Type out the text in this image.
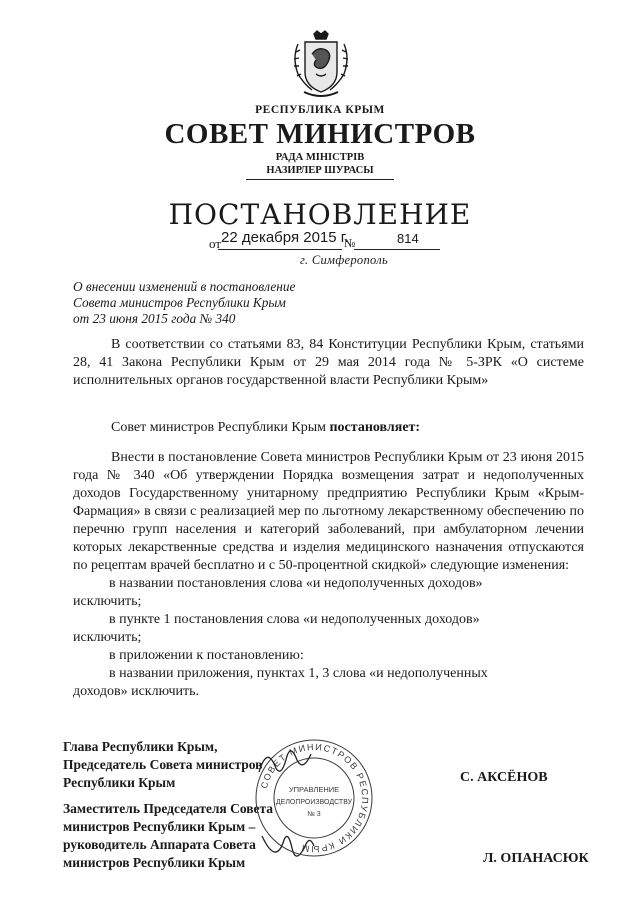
РЕСПУБЛИКА КРЫМ
СОВЕТ МИНИСТРОВ
РАДА МІНІСТРІВ
НАЗИРЛЕР ШУРАСЫ
ПОСТАНОВЛЕНИЕ
от 22 декабря 2015 г.
№	814
г. Симферополь
О внесении изменений в постановление
Совета министров Республики Крым
от 23 июня 2015 года № 340

В соответствии со статьями 83, 84 Конституции Республики Крым, статьями 28, 41 Закона Республики Крым от 29 мая 2014 года № 5-ЗРК «О системе исполнительных органов государственной власти Республики Крым»

Совет министров Республики Крым постановляет:

Внести в постановление Совета министров Республики Крым от 23 июня 2015 года № 340 «Об утверждении Порядка возмещения затрат и недополученных доходов Государственному унитарному предприятию Республики Крым «Крым-Фармация» в связи с реализацией мер по льготному лекарственному обеспечению по перечню групп населения и категорий заболеваний, при амбулаторном лечении которых лекарственные средства и изделия медицинского назначения отпускаются по рецептам врачей бесплатно и с 50-процентной скидкой» следующие изменения:

в названии постановления слова «и недополученных доходов»
исключить;
в пункте 1 постановления слова «и недополученных доходов»
исключить;
в приложении к постановлению:
в названии приложения, пунктах 1, 3 слова «и недополученных
доходов» исключить.
Глава Республики Крым,
Председатель Совета министров
Республики Крым	С. АКСЁНОВ
Заместитель Председателя Совета
министров Республики Крым –
руководитель Аппарата Совета
министров Республики Крым	Л. ОПАНАСЮК
СОВЕТ МИНИСТРОВ РЕСПУБЛИКИ КРЫМ
УПРАВЛЕНИЕ
ДЕЛОПРОИЗВОДСТВУ
№ 3
